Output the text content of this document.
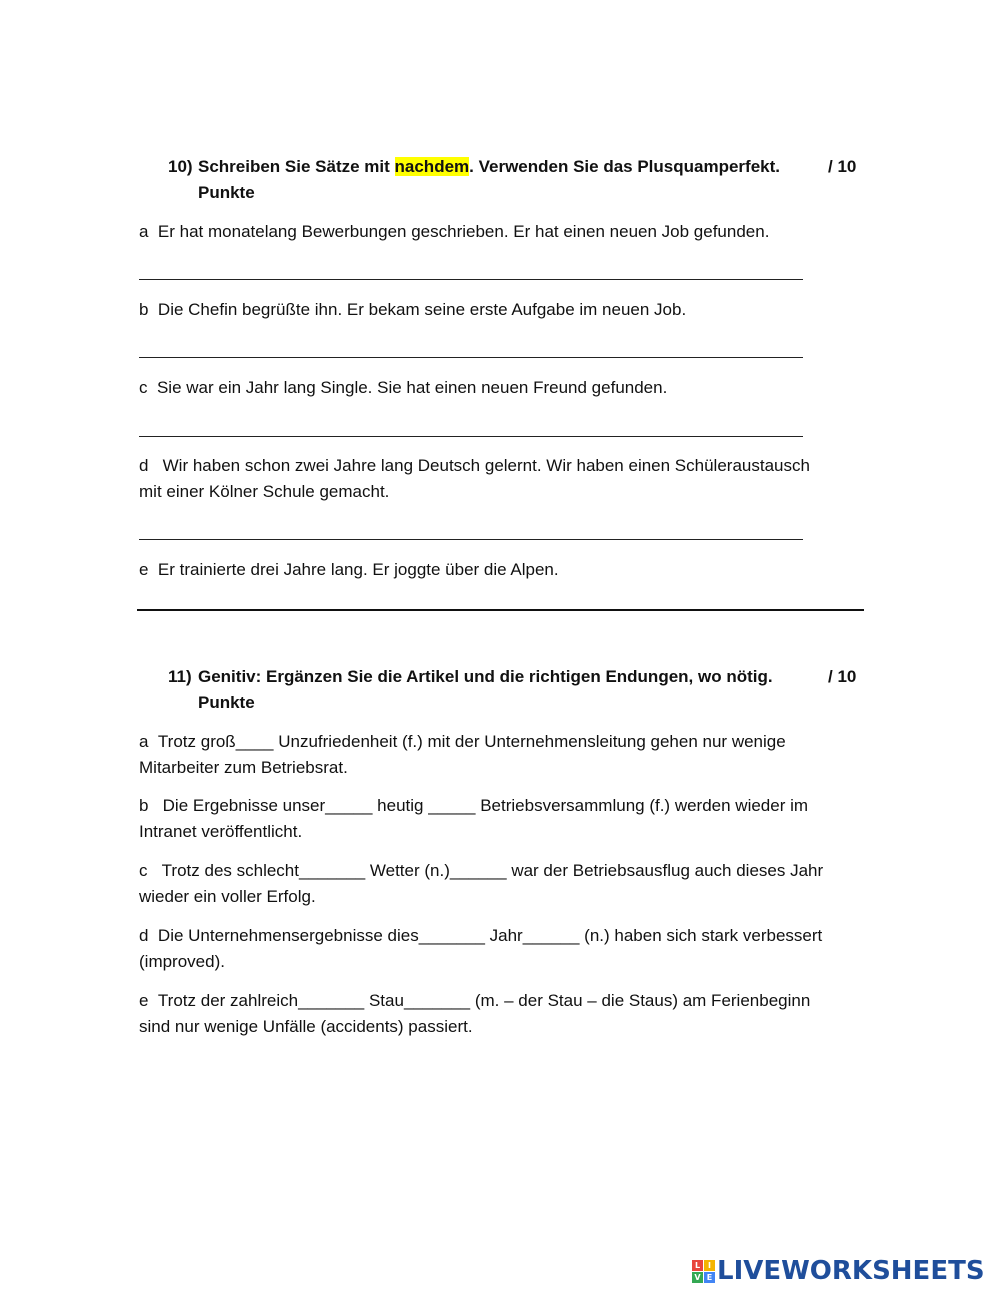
10) Schreiben Sie Sätze mit nachdem. Verwenden Sie das Plusquamperfekt.	/ 10
Punkte
a Er hat monatelang Bewerbungen geschrieben. Er hat einen neuen Job gefunden.
b Die Chefin begrüßte ihn. Er bekam seine erste Aufgabe im neuen Job.
c Sie war ein Jahr lang Single. Sie hat einen neuen Freund gefunden.
d Wir haben schon zwei Jahre lang Deutsch gelernt. Wir haben einen Schüleraustausch
mit einer Kölner Schule gemacht.
e Er trainierte drei Jahre lang. Er joggte über die Alpen.
11) Genitiv: Ergänzen Sie die Artikel und die richtigen Endungen, wo nötig.	/ 10
Punkte
a Trotz groß____ Unzufriedenheit (f.) mit der Unternehmensleitung gehen nur wenige
Mitarbeiter zum Betriebsrat.
b Die Ergebnisse unser_____ heutig _____ Betriebsversammlung (f.) werden wieder im
Intranet veröffentlicht.
c Trotz des schlecht_______ Wetter (n.)______ war der Betriebsausflug auch dieses Jahr
wieder ein voller Erfolg.
d Die Unternehmensergebnisse dies_______ Jahr______ (n.) haben sich stark verbessert
(improved).
e Trotz der zahlreich_______ Stau_______ (m. – der Stau – die Staus) am Ferienbeginn
sind nur wenige Unfälle (accidents) passiert.
L I
V E LIVEWORKSHEETS
